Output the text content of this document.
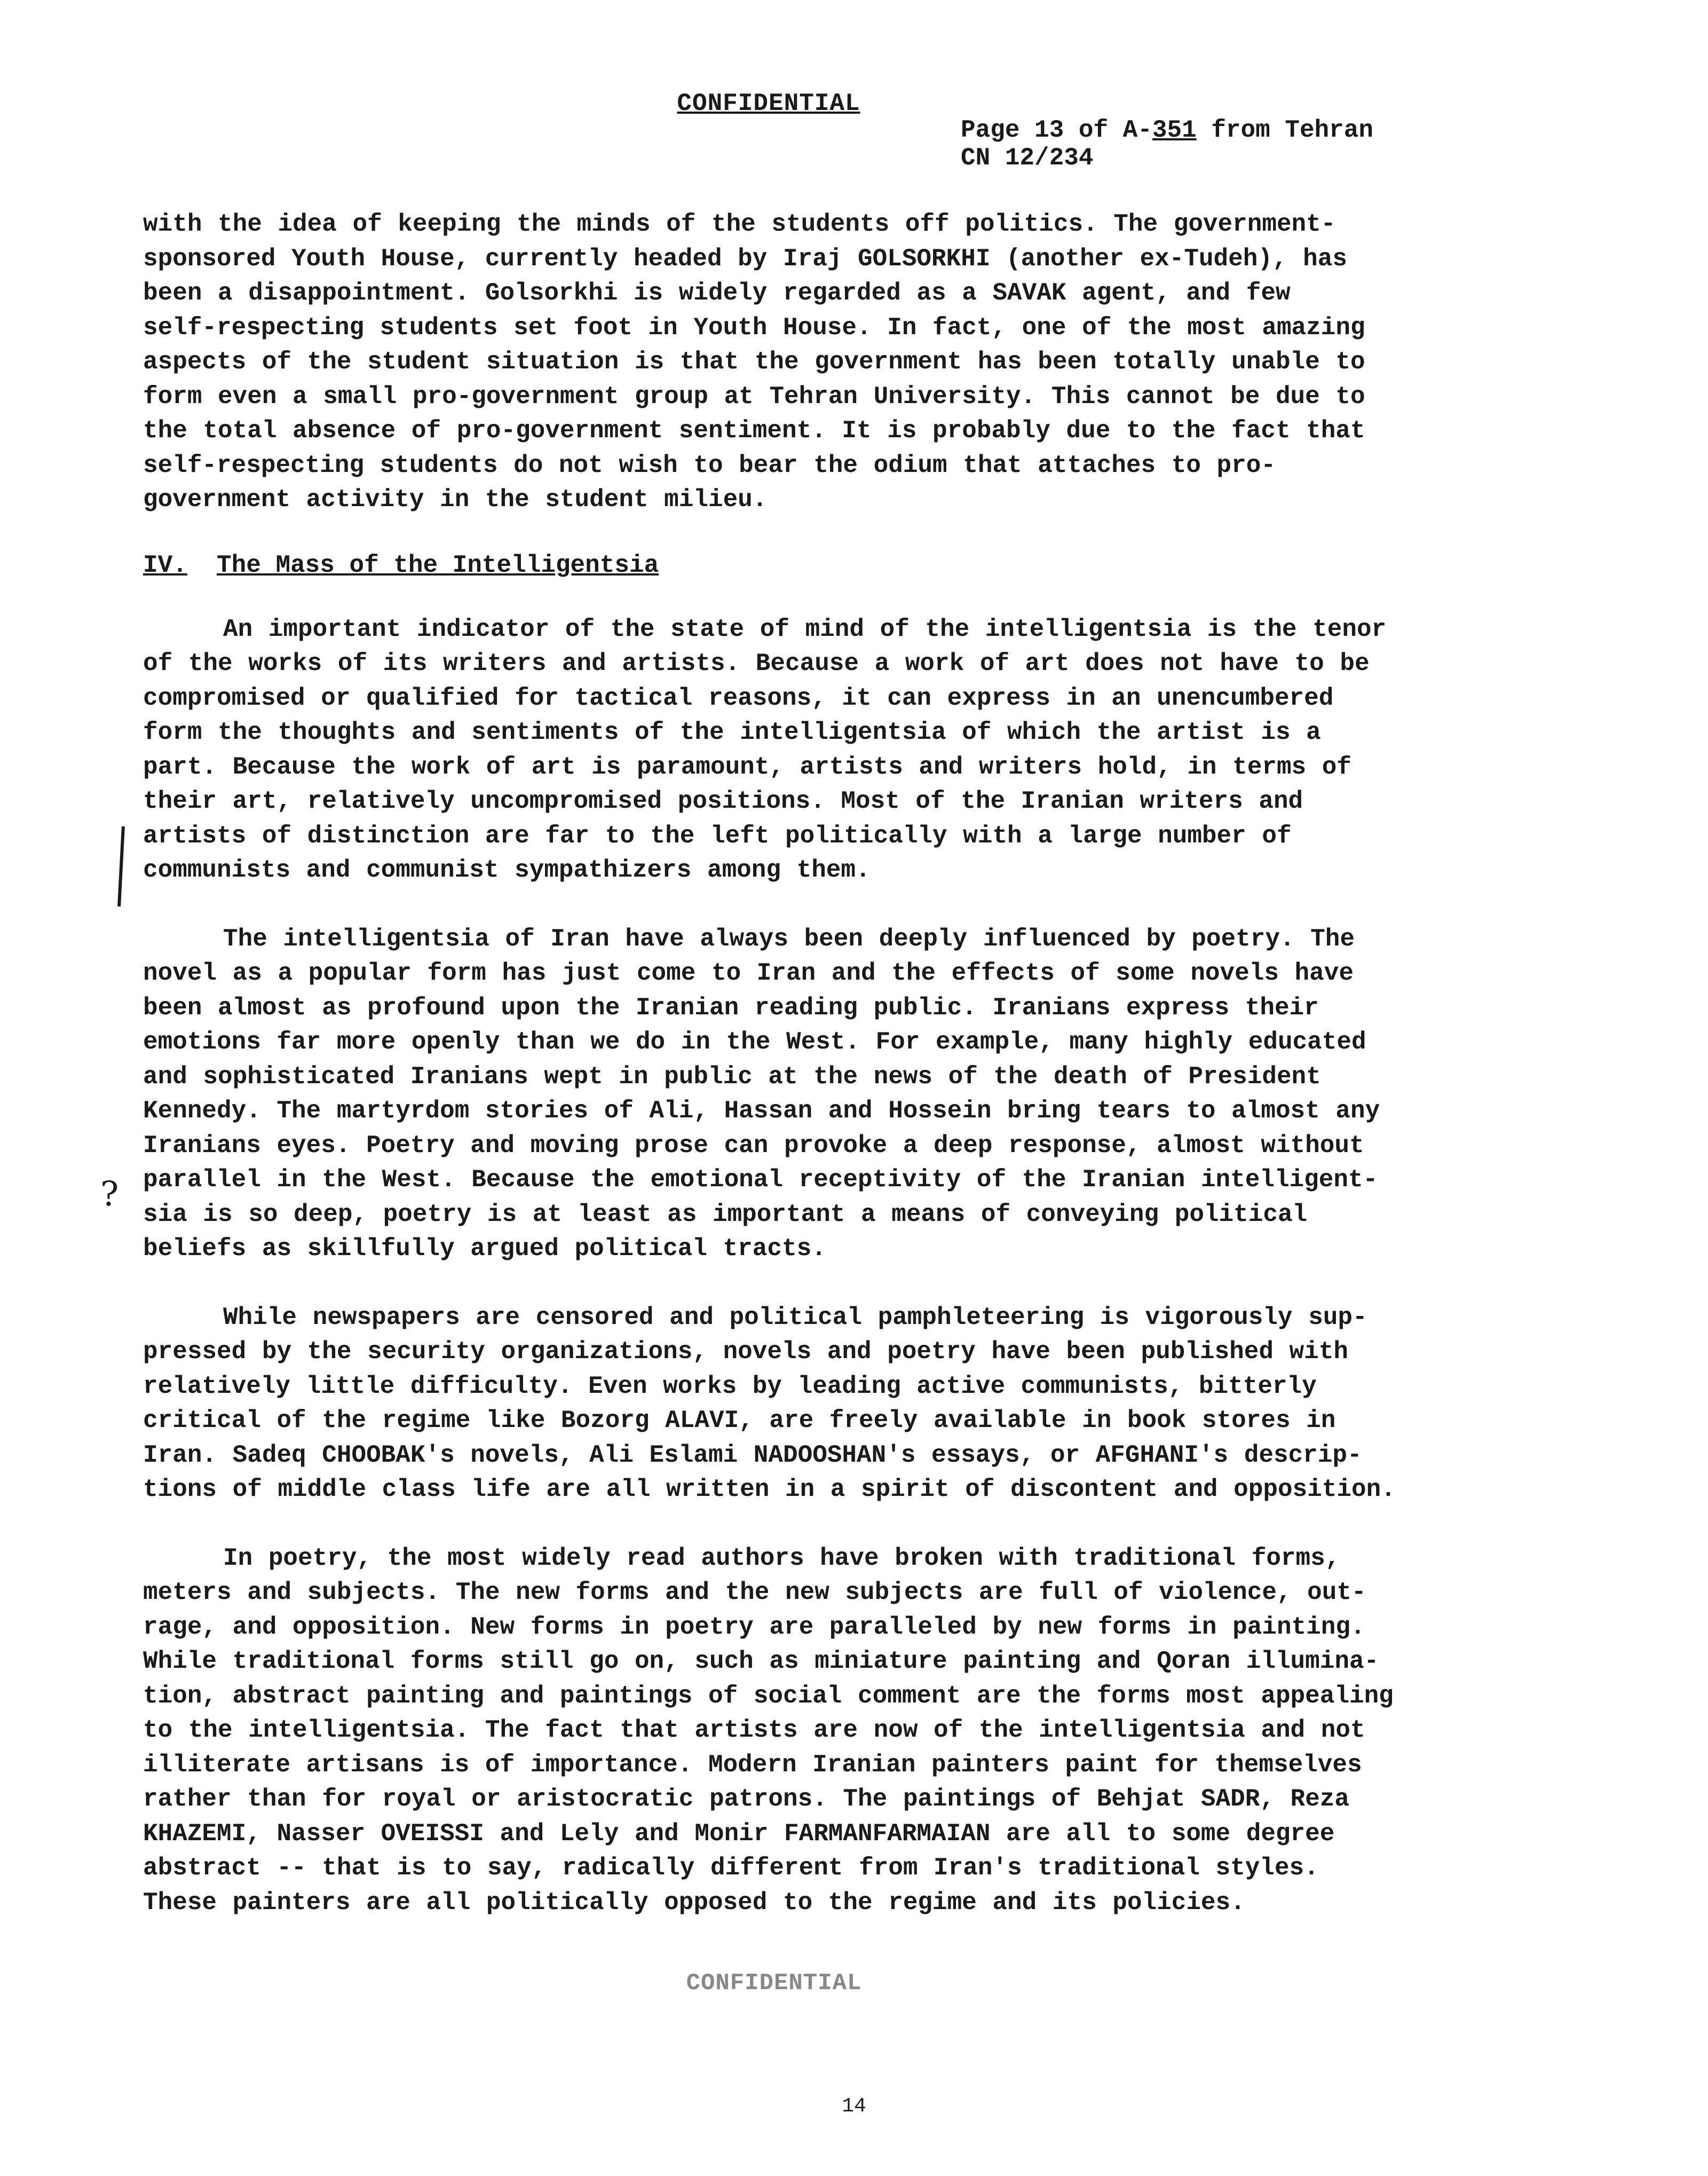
CONFIDENTIAL
Page 13 of A-351 from Tehran
CN 12/234
with the idea of keeping the minds of the students off politics. The government-
sponsored Youth House, currently headed by Iraj GOLSORKHI (another ex-Tudeh), has
been a disappointment. Golsorkhi is widely regarded as a SAVAK agent, and few
self-respecting students set foot in Youth House. In fact, one of the most amazing
aspects of the student situation is that the government has been totally unable to
form even a small pro-government group at Tehran University. This cannot be due to
the total absence of pro-government sentiment. It is probably due to the fact that
self-respecting students do not wish to bear the odium that attaches to pro-
government activity in the student milieu.
IV. The Mass of the Intelligentsia
An important indicator of the state of mind of the intelligentsia is the tenor
of the works of its writers and artists. Because a work of art does not have to be
compromised or qualified for tactical reasons, it can express in an unencumbered
form the thoughts and sentiments of the intelligentsia of which the artist is a
part. Because the work of art is paramount, artists and writers hold, in terms of
their art, relatively uncompromised positions. Most of the Iranian writers and
artists of distinction are far to the left politically with a large number of
communists and communist sympathizers among them.
The intelligentsia of Iran have always been deeply influenced by poetry. The
novel as a popular form has just come to Iran and the effects of some novels have
been almost as profound upon the Iranian reading public. Iranians express their
emotions far more openly than we do in the West. For example, many highly educated
and sophisticated Iranians wept in public at the news of the death of President
Kennedy. The martyrdom stories of Ali, Hassan and Hossein bring tears to almost any
Iranians eyes. Poetry and moving prose can provoke a deep response, almost without
parallel in the West. Because the emotional receptivity of the Iranian intelligent-
sia is so deep, poetry is at least as important a means of conveying political
beliefs as skillfully argued political tracts.
While newspapers are censored and political pamphleteering is vigorously sup-
pressed by the security organizations, novels and poetry have been published with
relatively little difficulty. Even works by leading active communists, bitterly
critical of the regime like Bozorg ALAVI, are freely available in book stores in
Iran. Sadeq CHOOBAK's novels, Ali Eslami NADOOSHAN's essays, or AFGHANI's descrip-
tions of middle class life are all written in a spirit of discontent and opposition.
In poetry, the most widely read authors have broken with traditional forms,
meters and subjects. The new forms and the new subjects are full of violence, out-
rage, and opposition. New forms in poetry are paralleled by new forms in painting.
While traditional forms still go on, such as miniature painting and Qoran illumina-
tion, abstract painting and paintings of social comment are the forms most appealing
to the intelligentsia. The fact that artists are now of the intelligentsia and not
illiterate artisans is of importance. Modern Iranian painters paint for themselves
rather than for royal or aristocratic patrons. The paintings of Behjat SADR, Reza
KHAZEMI, Nasser OVEISSI and Lely and Monir FARMANFARMAIAN are all to some degree
abstract -- that is to say, radically different from Iran's traditional styles.
These painters are all politically opposed to the regime and its policies.
?
CONFIDENTIAL
14
